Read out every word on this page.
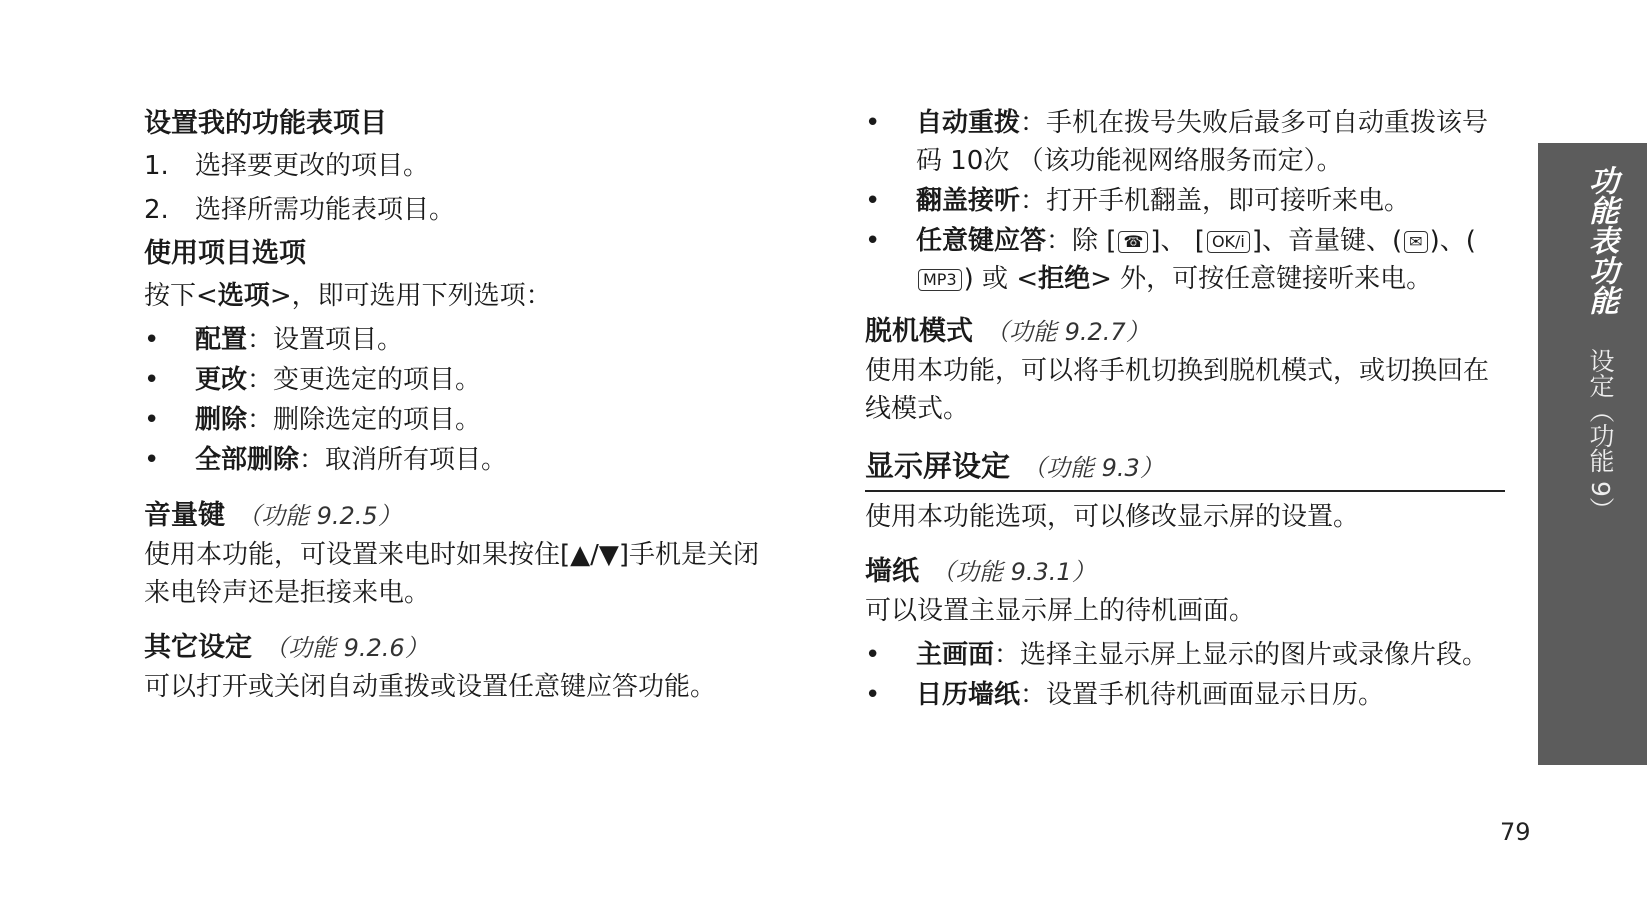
设置我的功能表项目

1. 选择要更改的项目。

2. 选择所需功能表项目。

使用项目选项

按下<选项>，即可选用下列选项：

• 配置：设置项目。

• 更改：变更选定的项目。

• 删除：删除选定的项目。

• 全部删除：取消所有项目。

音量键 （功能 9.2.5）

使用本功能，可设置来电时如果按住[▲/▼]手机是关闭来电铃声还是拒接来电。

其它设定 （功能 9.2.6）

可以打开或关闭自动重拨或设置任意键应答功能。

• 自动重拨：手机在拨号失败后最多可自动重拨该号码 10次 （该功能视网络服务而定）。

• 翻盖接听：打开手机翻盖，即可接听来电。

• 任意键应答：除 [ ☎ ]、 [ OK/i ]、音量键、( ✉ )、(MP3 ) 或 <拒绝> 外，可按任意键接听来电。

脱机模式 （功能 9.2.7）

使用本功能，可以将手机切换到脱机模式，或切换回在线模式。

显示屏设定 （功能 9.3）

使用本功能选项，可以修改显示屏的设置。

墙纸 （功能 9.3.1）

可以设置主显示屏上的待机画面。

• 主画面：选择主显示屏上显示的图片或录像片段。

• 日历墙纸：设置手机待机画面显示日历。

功能表功能 设定（功能 9）
79
